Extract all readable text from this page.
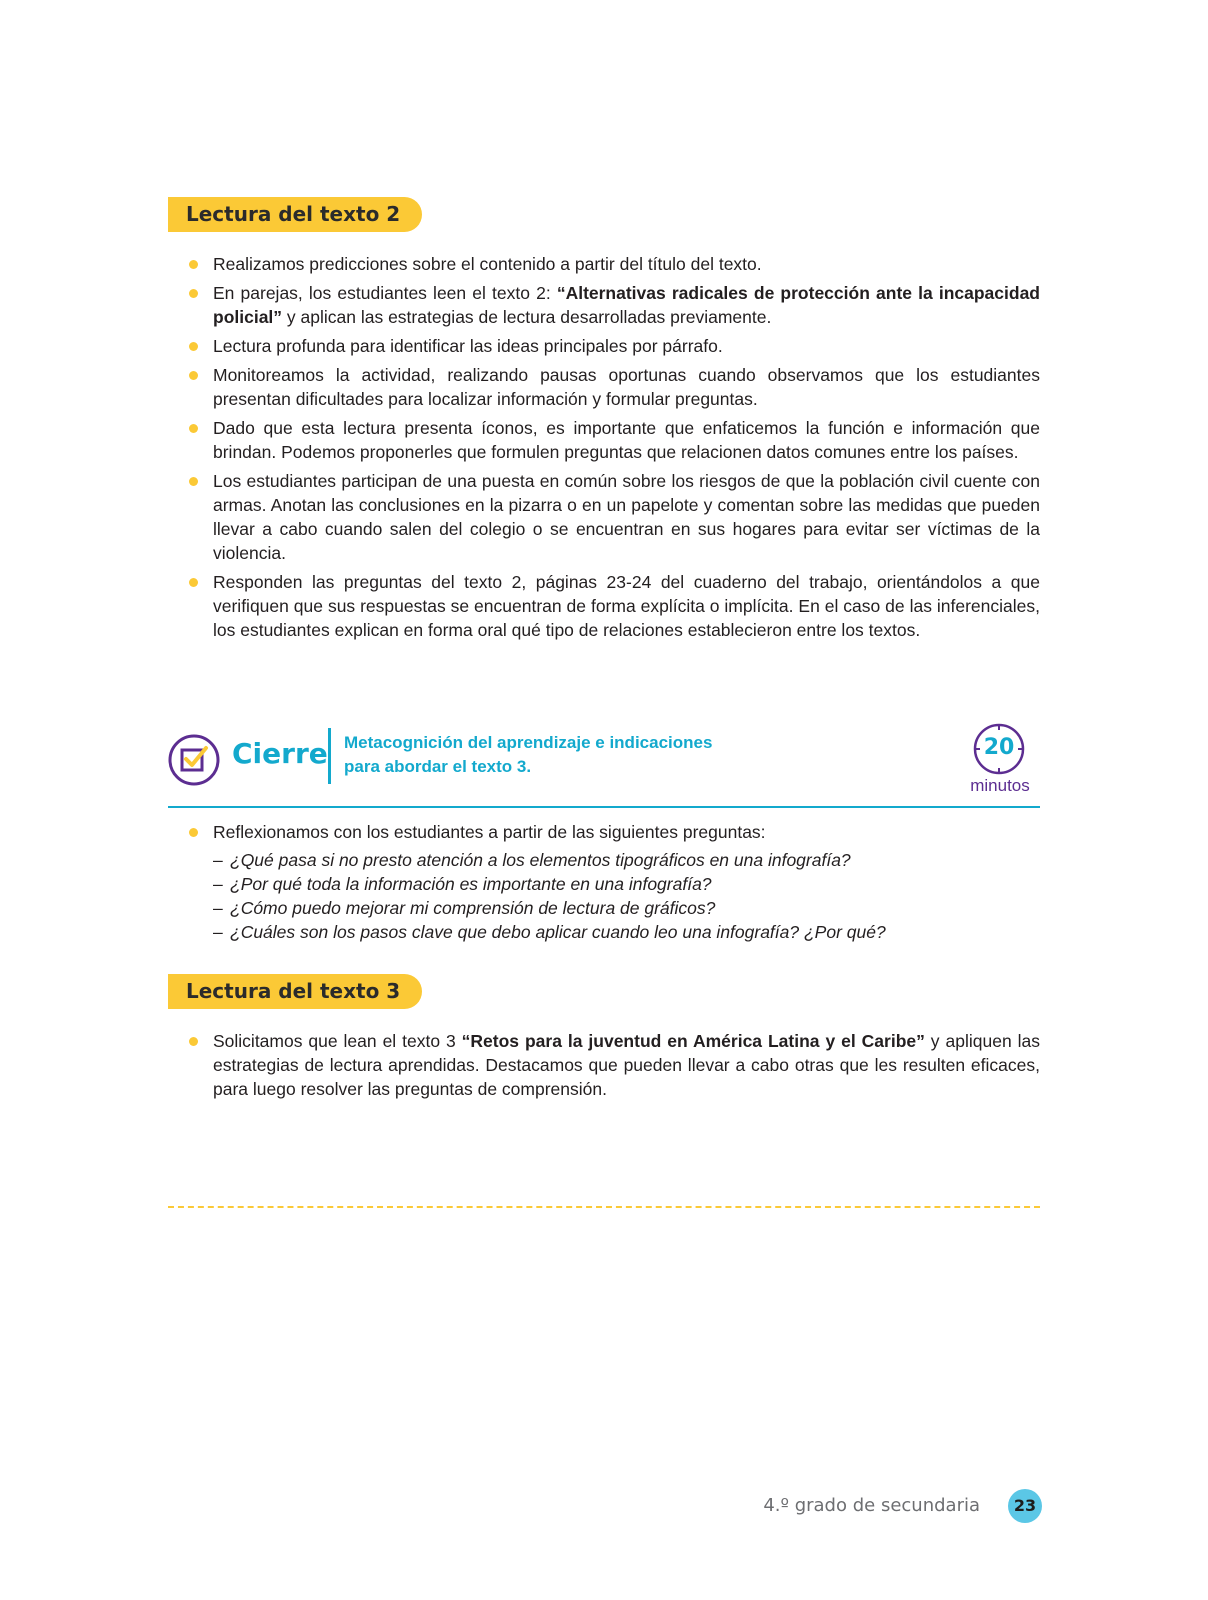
Lectura del texto 2
Realizamos predicciones sobre el contenido a partir del título del texto.
En parejas, los estudiantes leen el texto 2: “Alternativas radicales de protección ante la incapacidad policial” y aplican las estrategias de lectura desarrolladas previamente.
Lectura profunda para identificar las ideas principales por párrafo.
Monitoreamos la actividad, realizando pausas oportunas cuando observamos que los estudiantes presentan dificultades para localizar información y formular preguntas.
Dado que esta lectura presenta íconos, es importante que enfaticemos la función e información que brindan. Podemos proponerles que formulen preguntas que relacionen datos comunes entre los países.
Los estudiantes participan de una puesta en común sobre los riesgos de que la población civil cuente con armas. Anotan las conclusiones en la pizarra o en un papelote y comentan sobre las medidas que pueden llevar a cabo cuando salen del colegio o se encuentran en sus hogares para evitar ser víctimas de la violencia.
Responden las preguntas del texto 2, páginas 23-24 del cuaderno del trabajo, orientándolos a que verifiquen que sus respuestas se encuentran de forma explícita o implícita. En el caso de las inferenciales, los estudiantes explican en forma oral qué tipo de relaciones establecieron entre los textos.
Cierre Metacognición del aprendizaje e indicaciones
para abordar el texto 3.
20
minutos
Reflexionamos con los estudiantes a partir de las siguientes preguntas:
– ¿Qué pasa si no presto atención a los elementos tipográficos en una infografía?
– ¿Por qué toda la información es importante en una infografía?
– ¿Cómo puedo mejorar mi comprensión de lectura de gráficos?
– ¿Cuáles son los pasos clave que debo aplicar cuando leo una infografía? ¿Por qué?
Lectura del texto 3
Solicitamos que lean el texto 3 “Retos para la juventud en América Latina y el Caribe” y apliquen las estrategias de lectura aprendidas. Destacamos que pueden llevar a cabo otras que les resulten eficaces, para luego resolver las preguntas de comprensión.
4.º grado de secundaria	23
